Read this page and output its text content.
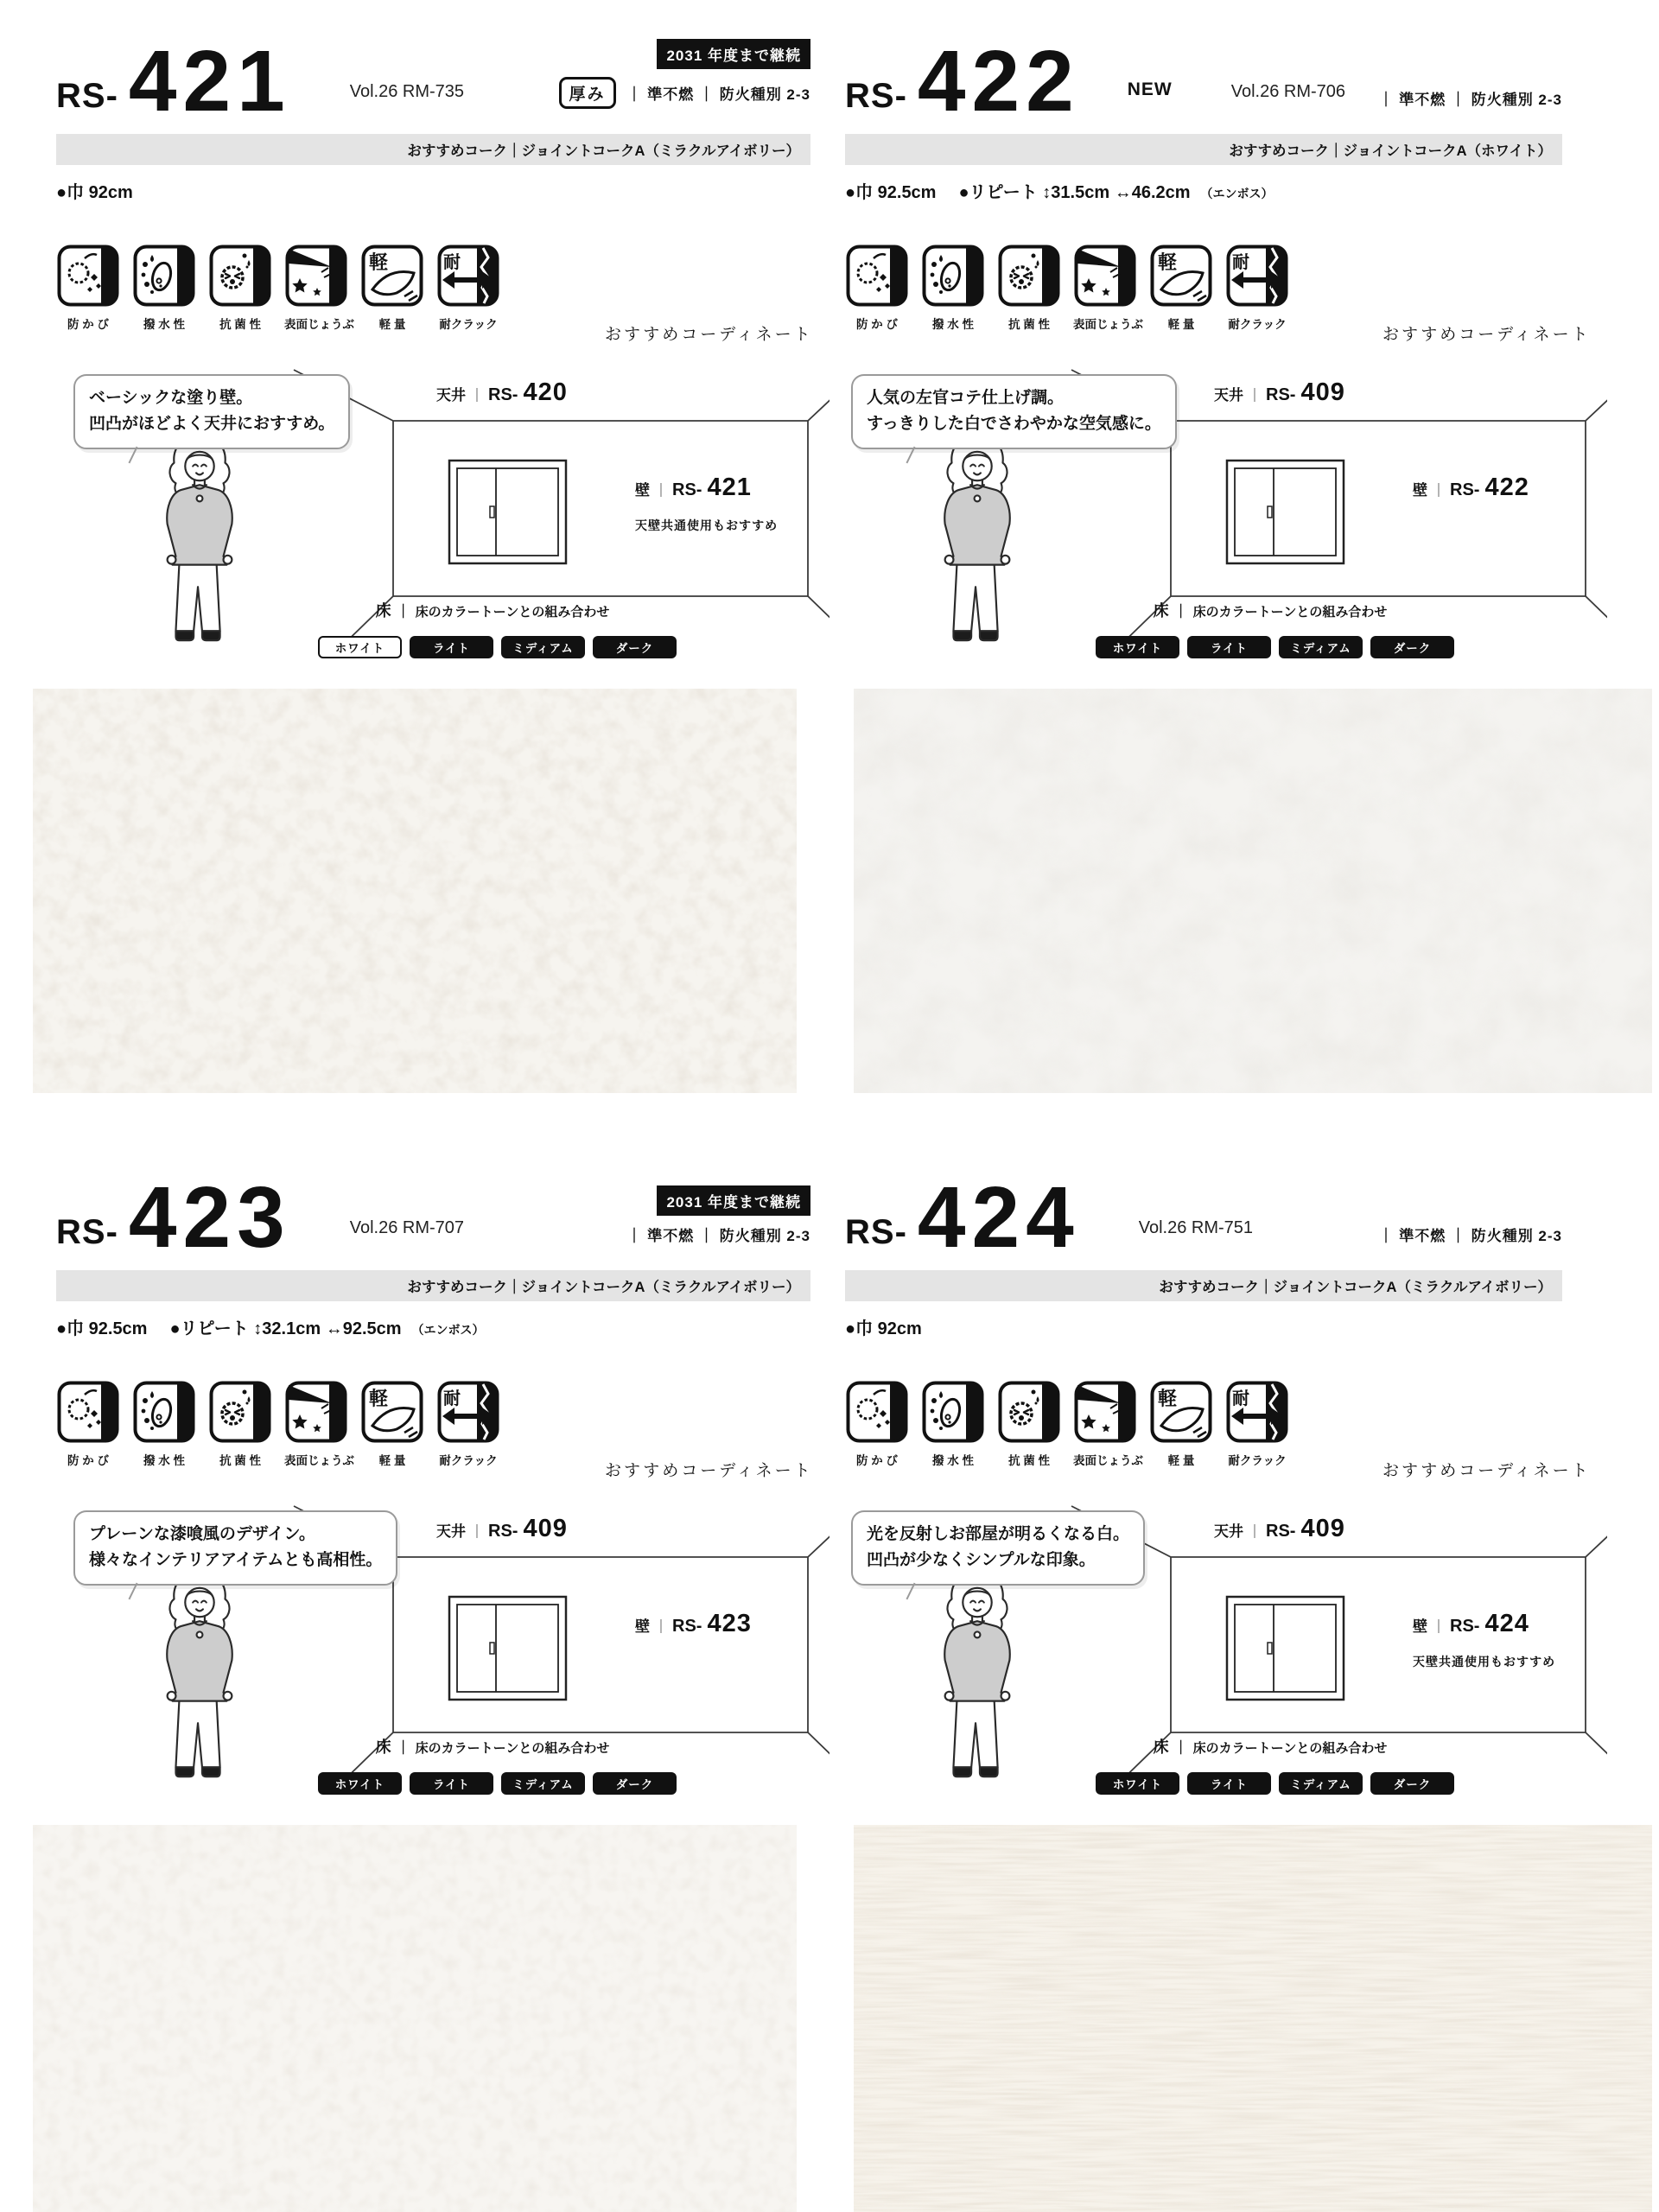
RS- 421	Vol.26 RM-735
2031 年度まで継続
厚み	｜ 準不燃 ｜ 防火種別 2-3
おすすめコーク｜ジョイントコークA（ミラクルアイボリー）
●巾 92cm
防 か び	撥 水 性	抗 菌 性	表面じょうぶ
軽
軽 量
耐
耐クラック
おすすめコーディネート
ベーシックな塗り壁。
凹凸がほどよく天井におすすめ。
天井 ｜ RS- 420
壁 ｜ RS- 421
天壁共通使用もおすすめ
床 ｜ 床のカラートーンとの組み合わせ
ホワイト	ライト	ミディアム	ダーク
RS- 422	NEW	Vol.26 RM-706 ｜ 準不燃 ｜ 防火種別 2-3
おすすめコーク｜ジョイントコークA（ホワイト）
●巾 92.5cm ●リピート ↕31.5cm ↔46.2cm （エンボス）
防 か び	撥 水 性	抗 菌 性	表面じょうぶ
軽
軽 量
耐
耐クラック
おすすめコーディネート
人気の左官コテ仕上げ調。
すっきりした白でさわやかな空気感に。
天井 ｜ RS- 409
壁 ｜ RS- 422
床 ｜ 床のカラートーンとの組み合わせ
ホワイト	ライト	ミディアム	ダーク
RS- 423	Vol.26 RM-707
2031 年度まで継続
｜ 準不燃 ｜ 防火種別 2-3
おすすめコーク｜ジョイントコークA（ミラクルアイボリー）
●巾 92.5cm ●リピート ↕32.1cm ↔92.5cm （エンボス）
防 か び	撥 水 性	抗 菌 性	表面じょうぶ
軽
軽 量
耐
耐クラック
おすすめコーディネート
プレーンな漆喰風のデザイン。
様々なインテリアアイテムとも高相性。
天井 ｜ RS- 409
壁 ｜ RS- 423
床 ｜ 床のカラートーンとの組み合わせ
ホワイト	ライト	ミディアム	ダーク
RS- 424	Vol.26 RM-751	｜ 準不燃 ｜ 防火種別 2-3
おすすめコーク｜ジョイントコークA（ミラクルアイボリー）
●巾 92cm
防 か び	撥 水 性	抗 菌 性	表面じょうぶ
軽
軽 量
耐
耐クラック
おすすめコーディネート
光を反射しお部屋が明るくなる白。
凹凸が少なくシンプルな印象。
天井 ｜ RS- 409
壁 ｜ RS- 424
天壁共通使用もおすすめ
床 ｜ 床のカラートーンとの組み合わせ
ホワイト	ライト	ミディアム	ダーク
